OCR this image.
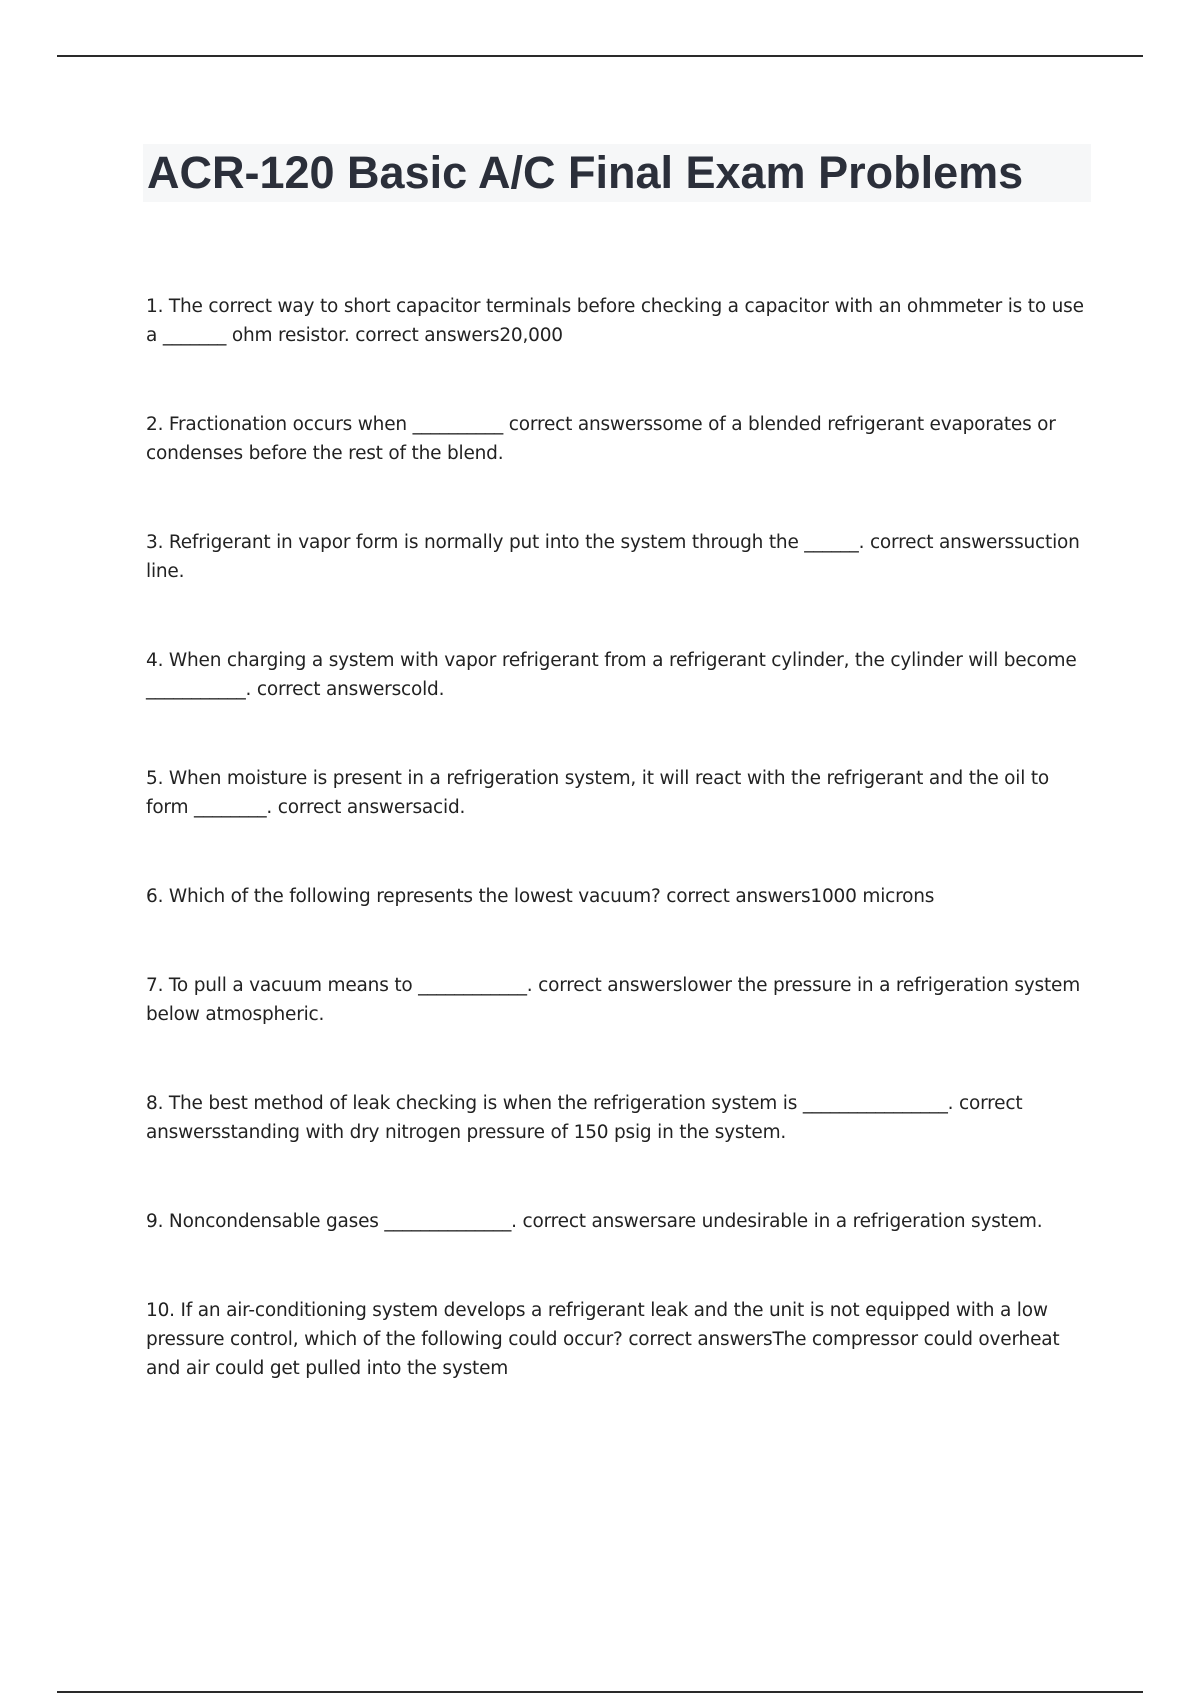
ACR-120 Basic A/C Final Exam Problems

1. The correct way to short capacitor terminals before checking a capacitor with an ohmmeter is to use a _______ ohm resistor. correct answers20,000

2. Fractionation occurs when __________ correct answerssome of a blended refrigerant evaporates or condenses before the rest of the blend.

3. Refrigerant in vapor form is normally put into the system through the ______. correct answerssuction line.

4. When charging a system with vapor refrigerant from a refrigerant cylinder, the cylinder will become ___________. correct answerscold.

5. When moisture is present in a refrigeration system, it will react with the refrigerant and the oil to form ________. correct answersacid.

6. Which of the following represents the lowest vacuum? correct answers1000 microns

7. To pull a vacuum means to ____________. correct answerslower the pressure in a refrigeration system below atmospheric.

8. The best method of leak checking is when the refrigeration system is ________________. correct answersstanding with dry nitrogen pressure of 150 psig in the system.

9. Noncondensable gases ______________. correct answersare undesirable in a refrigeration system.

10. If an air-conditioning system develops a refrigerant leak and the unit is not equipped with a low pressure control, which of the following could occur? correct answersThe compressor could overheat and air could get pulled into the system
